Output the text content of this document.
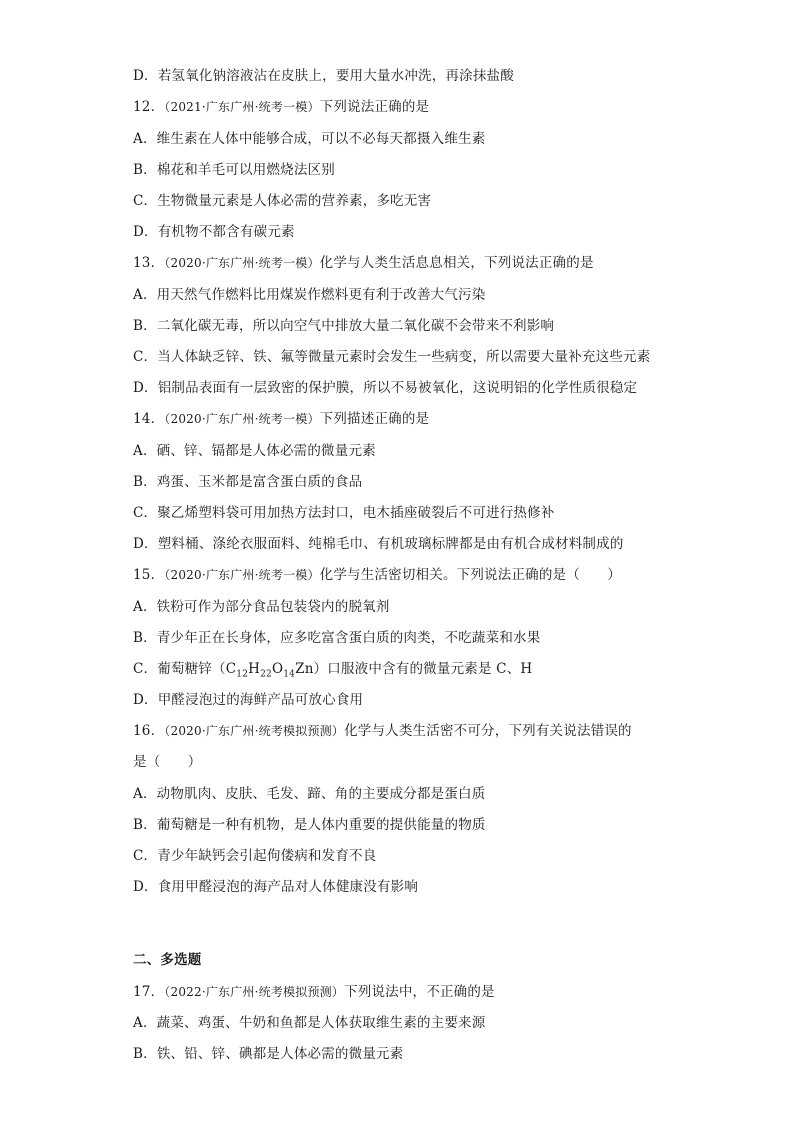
D．若氢氧化钠溶液沾在皮肤上，要用大量水冲洗，再涂抹盐酸
12．（2021·广东广州·统考一模）下列说法正确的是
A．维生素在人体中能够合成，可以不必每天都摄入维生素
B．棉花和羊毛可以用燃烧法区别
C．生物微量元素是人体必需的营养素，多吃无害
D．有机物不都含有碳元素
13．（2020·广东广州·统考一模）化学与人类生活息息相关，下列说法正确的是
A．用天然气作燃料比用煤炭作燃料更有利于改善大气污染
B．二氧化碳无毒，所以向空气中排放大量二氧化碳不会带来不利影响
C．当人体缺乏锌、铁、氟等微量元素时会发生一些病变，所以需要大量补充这些元素
D．铝制品表面有一层致密的保护膜，所以不易被氧化，这说明铝的化学性质很稳定
14．（2020·广东广州·统考一模）下列描述正确的是
A．硒、锌、镉都是人体必需的微量元素
B．鸡蛋、玉米都是富含蛋白质的食品
C．聚乙烯塑料袋可用加热方法封口，电木插座破裂后不可进行热修补
D．塑料桶、涤纶衣服面料、纯棉毛巾、有机玻璃标牌都是由有机合成材料制成的
15．（2020·广东广州·统考一模）化学与生活密切相关。下列说法正确的是（　　）
A．铁粉可作为部分食品包装袋内的脱氧剂
B．青少年正在长身体，应多吃富含蛋白质的肉类，不吃蔬菜和水果
C．葡萄糖锌$(C_{12}H_{22}O_{14}Zn)$口服液中含有的微量元素是 C、H
D．甲醛浸泡过的海鲜产品可放心食用
16．（2020·广东广州·统考模拟预测）化学与人类生活密不可分，下列有关说法错误的
是（　　）
A．动物肌肉、皮肤、毛发、蹄、角的主要成分都是蛋白质
B．葡萄糖是一种有机物，是人体内重要的提供能量的物质
C．青少年缺钙会引起佝偻病和发育不良
D．食用甲醛浸泡的海产品对人体健康没有影响
二、多选题
17．（2022·广东广州·统考模拟预测）下列说法中，不正确的是
A．蔬菜、鸡蛋、牛奶和鱼都是人体获取维生素的主要来源
B．铁、铅、锌、碘都是人体必需的微量元素
